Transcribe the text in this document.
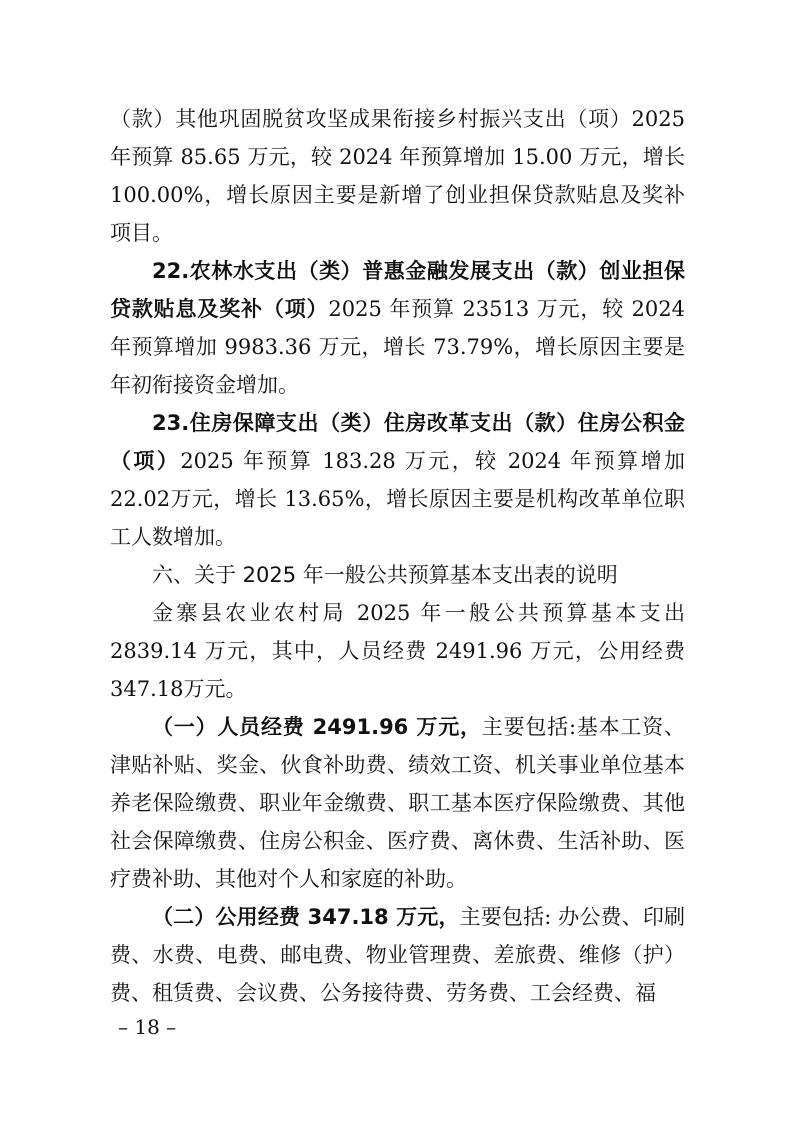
（款）其他巩固脱贫攻坚成果衔接乡村振兴支出（项）2025年预算 85.65 万元，较 2024 年预算增加 15.00 万元，增长100.00%，增长原因主要是新增了创业担保贷款贴息及奖补项目。

22.农林水支出（类）普惠金融发展支出（款）创业担保贷款贴息及奖补（项）2025 年预算 23513 万元，较 2024年预算增加 9983.36 万元，增长 73.79%，增长原因主要是年初衔接资金增加。

23.住房保障支出（类）住房改革支出（款）住房公积金（项）2025 年预算 183.28 万元，较 2024 年预算增加 22.02万元，增长 13.65%，增长原因主要是机构改革单位职工人数增加。

六、关于 2025 年一般公共预算基本支出表的说明

金寨县农业农村局 2025 年一般公共预算基本支出2839.14 万元，其中，人员经费 2491.96 万元，公用经费 347.18万元。

（一）人员经费 2491.96 万元，主要包括:基本工资、津贴补贴、奖金、伙食补助费、绩效工资、机关事业单位基本养老保险缴费、职业年金缴费、职工基本医疗保险缴费、其他社会保障缴费、住房公积金、医疗费、离休费、生活补助、医疗费补助、其他对个人和家庭的补助。

（二）公用经费 347.18 万元，主要包括: 办公费、印刷费、水费、电费、邮电费、物业管理费、差旅费、维修（护）费、租赁费、会议费、公务接待费、劳务费、工会经费、福

– 18 –
